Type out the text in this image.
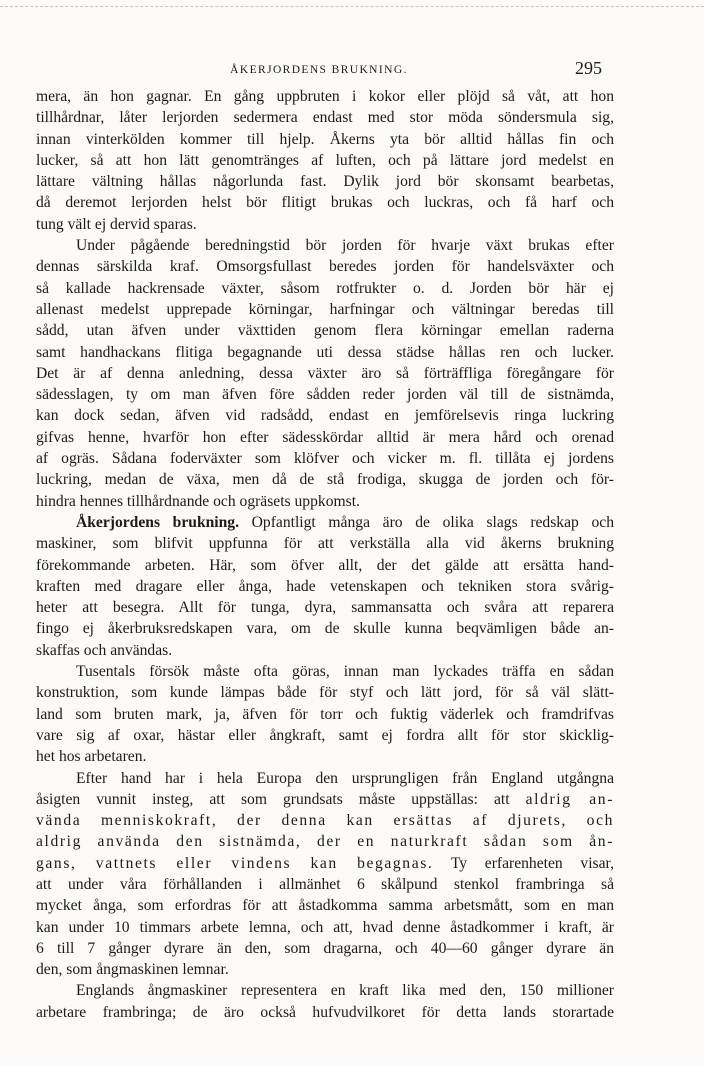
ÅKERJORDENS BRUKNING.	295
mera, än hon gagnar. En gång uppbruten i kokor eller plöjd så våt, att hon
tillhårdnar, låter lerjorden sedermera endast med stor möda söndersmula sig,
innan vinterkölden kommer till hjelp. Åkerns yta bör alltid hållas fin och
lucker, så att hon lätt genomtränges af luften, och på lättare jord medelst en
lättare vältning hållas någorlunda fast. Dylik jord bör skonsamt bearbetas,
då deremot lerjorden helst bör flitigt brukas och luckras, och få harf och
tung vält ej dervid sparas.
Under pågående beredningstid bör jorden för hvarje växt brukas efter
dennas särskilda kraf. Omsorgsfullast beredes jorden för handelsväxter och
så kallade hackrensade växter, såsom rotfrukter o. d. Jorden bör här ej
allenast medelst upprepade körningar, harfningar och vältningar beredas till
sådd, utan äfven under växttiden genom flera körningar emellan raderna
samt handhackans flitiga begagnande uti dessa städse hållas ren och lucker.
Det är af denna anledning, dessa växter äro så förträffliga föregångare för
sädesslagen, ty om man äfven före sådden reder jorden väl till de sistnämda,
kan dock sedan, äfven vid radsådd, endast en jemförelsevis ringa luckring
gifvas henne, hvarför hon efter sädesskördar alltid är mera hård och orenad
af ogräs. Sådana foderväxter som klöfver och vicker m. fl. tillåta ej jordens
luckring, medan de växa, men då de stå frodiga, skugga de jorden och för-
hindra hennes tillhårdnande och ogräsets uppkomst.
Åkerjordens brukning. Opfantligt många äro de olika slags redskap och
maskiner, som blifvit uppfunna för att verkställa alla vid åkerns brukning
förekommande arbeten. Här, som öfver allt, der det gälde att ersätta hand-
kraften med dragare eller ånga, hade vetenskapen och tekniken stora svårig-
heter att besegra. Allt för tunga, dyra, sammansatta och svåra att reparera
fingo ej åkerbruksredskapen vara, om de skulle kunna beqvämligen både an-
skaffas och användas.
Tusentals försök måste ofta göras, innan man lyckades träffa en sådan
konstruktion, som kunde lämpas både för styf och lätt jord, för så väl slätt-
land som bruten mark, ja, äfven för torr och fuktig väderlek och framdrifvas
vare sig af oxar, hästar eller ångkraft, samt ej fordra allt för stor skicklig-
het hos arbetaren.
Efter hand har i hela Europa den ursprungligen från England utgångna
åsigten vunnit insteg, att som grundsats måste uppställas: att aldrig an-
vända menniskokraft, der denna kan ersättas af djurets, och
aldrig använda den sistnämda, der en naturkraft sådan som ån-
gans, vattnets eller vindens kan begagnas. Ty erfarenheten visar,
att under våra förhållanden i allmänhet 6 skålpund stenkol frambringa så
mycket ånga, som erfordras för att åstadkomma samma arbetsmått, som en man
kan under 10 timmars arbete lemna, och att, hvad denne åstadkommer i kraft, är
6 till 7 gånger dyrare än den, som dragarna, och 40—60 gånger dyrare än
den, som ångmaskinen lemnar.
Englands ångmaskiner representera en kraft lika med den, 150 millioner
arbetare frambringa; de äro också hufvudvilkoret för detta lands storartade
